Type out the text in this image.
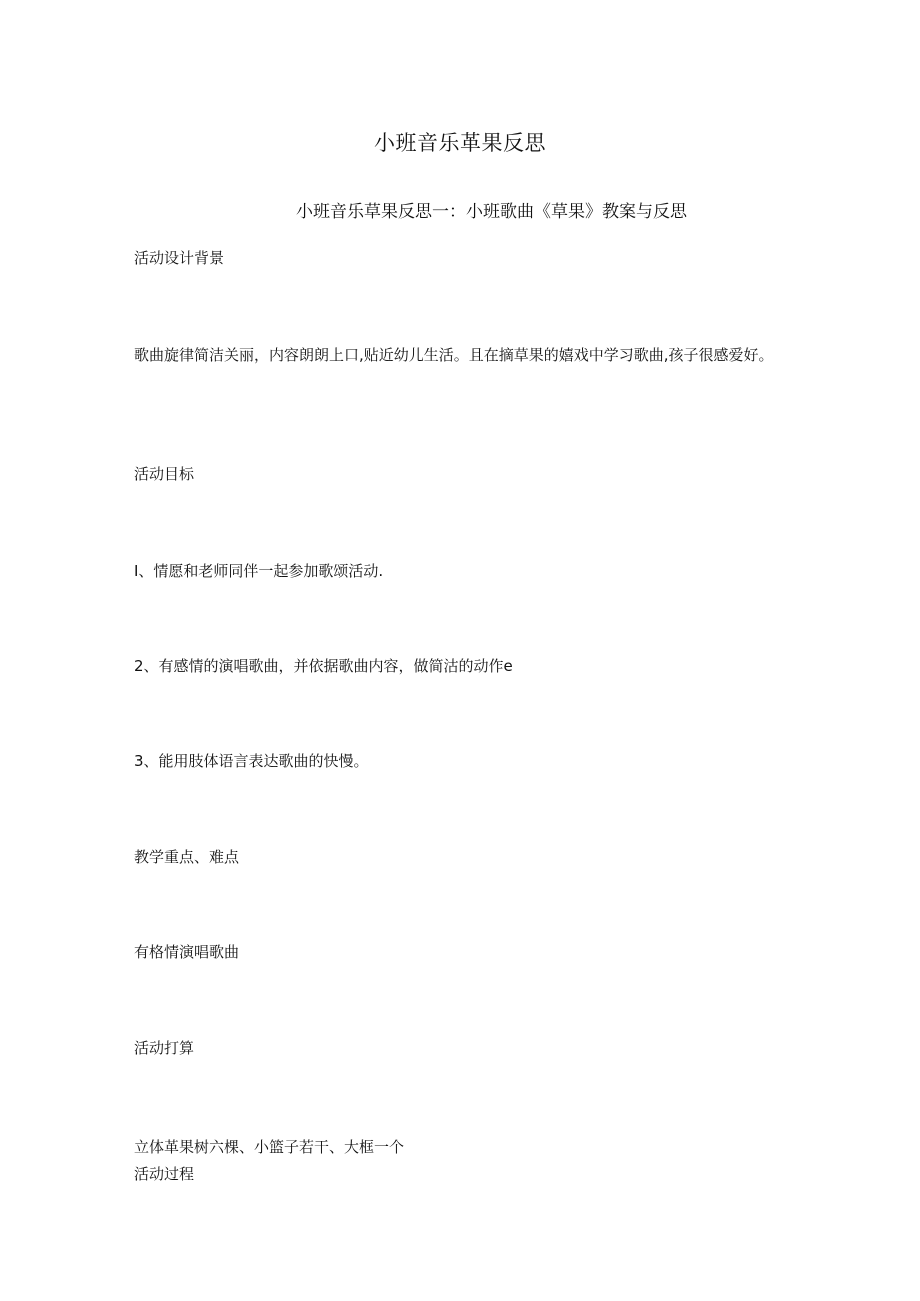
小班音乐革果反思
小班音乐草果反思一：小班歌曲《草果》教案与反思
活动设计背景
歌曲旋律简洁关丽，内容朗朗上口,贴近幼儿生活。且在摘草果的嬉戏中学习歌曲,孩子很感爱好。
活动目标
I、情愿和老师同伴一起参加歌颂活动.
2、有感情的演唱歌曲，并依据歌曲内容，做简沽的动作e
3、能用肢体语言表达歌曲的快慢。
教学重点、难点
有格情演唱歌曲
活动打算
立体革果树六棵、小篮子若干、大框一个
活动过程
